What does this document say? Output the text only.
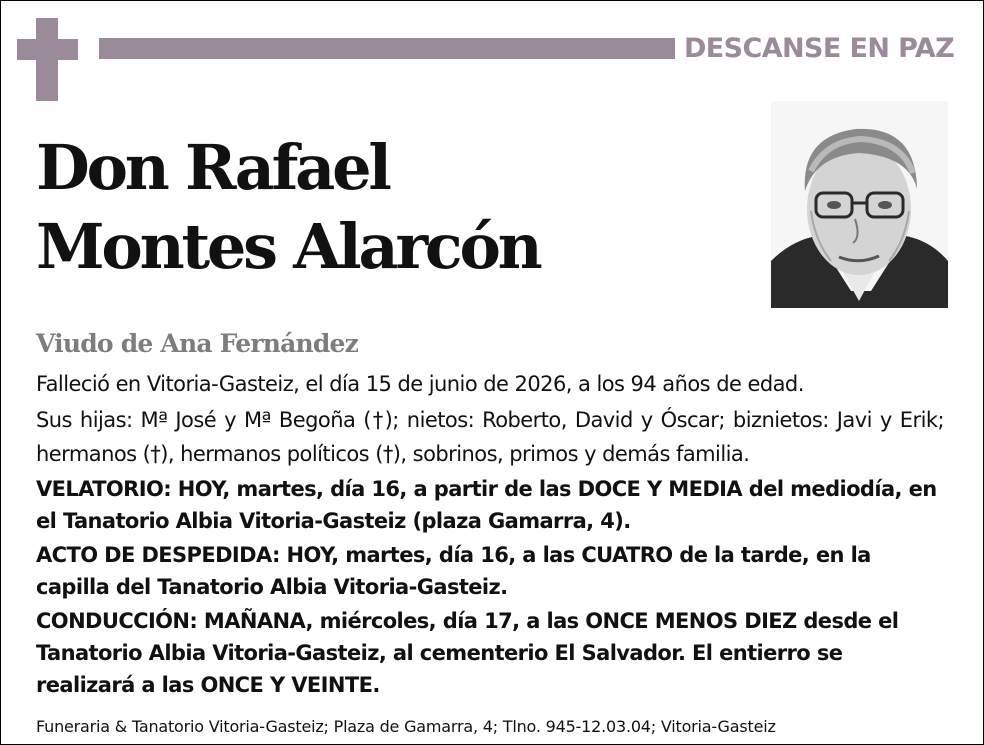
DESCANSE EN PAZ
Don Rafael
Montes Alarcón
Viudo de Ana Fernández

Falleció en Vitoria-Gasteiz, el día 15 de junio de 2026, a los 94 años de edad.

Sus hijas: Mª José y Mª Begoña (†); nietos: Roberto, David y Óscar; biznietos: Javi y Erik; hermanos (†), hermanos políticos (†), sobrinos, primos y demás familia.

VELATORIO: HOY, martes, día 16, a partir de las DOCE Y MEDIA del mediodía, en el Tanatorio Albia Vitoria-Gasteiz (plaza Gamarra, 4).

ACTO DE DESPEDIDA: HOY, martes, día 16, a las CUATRO de la tarde, en la capilla del Tanatorio Albia Vitoria-Gasteiz.

CONDUCCIÓN: MAÑANA, miércoles, día 17, a las ONCE MENOS DIEZ desde el Tanatorio Albia Vitoria-Gasteiz, al cementerio El Salvador. El entierro se realizará a las ONCE Y VEINTE.

Funeraria & Tanatorio Vitoria-Gasteiz; Plaza de Gamarra, 4; Tlno. 945-12.03.04; Vitoria-Gasteiz
